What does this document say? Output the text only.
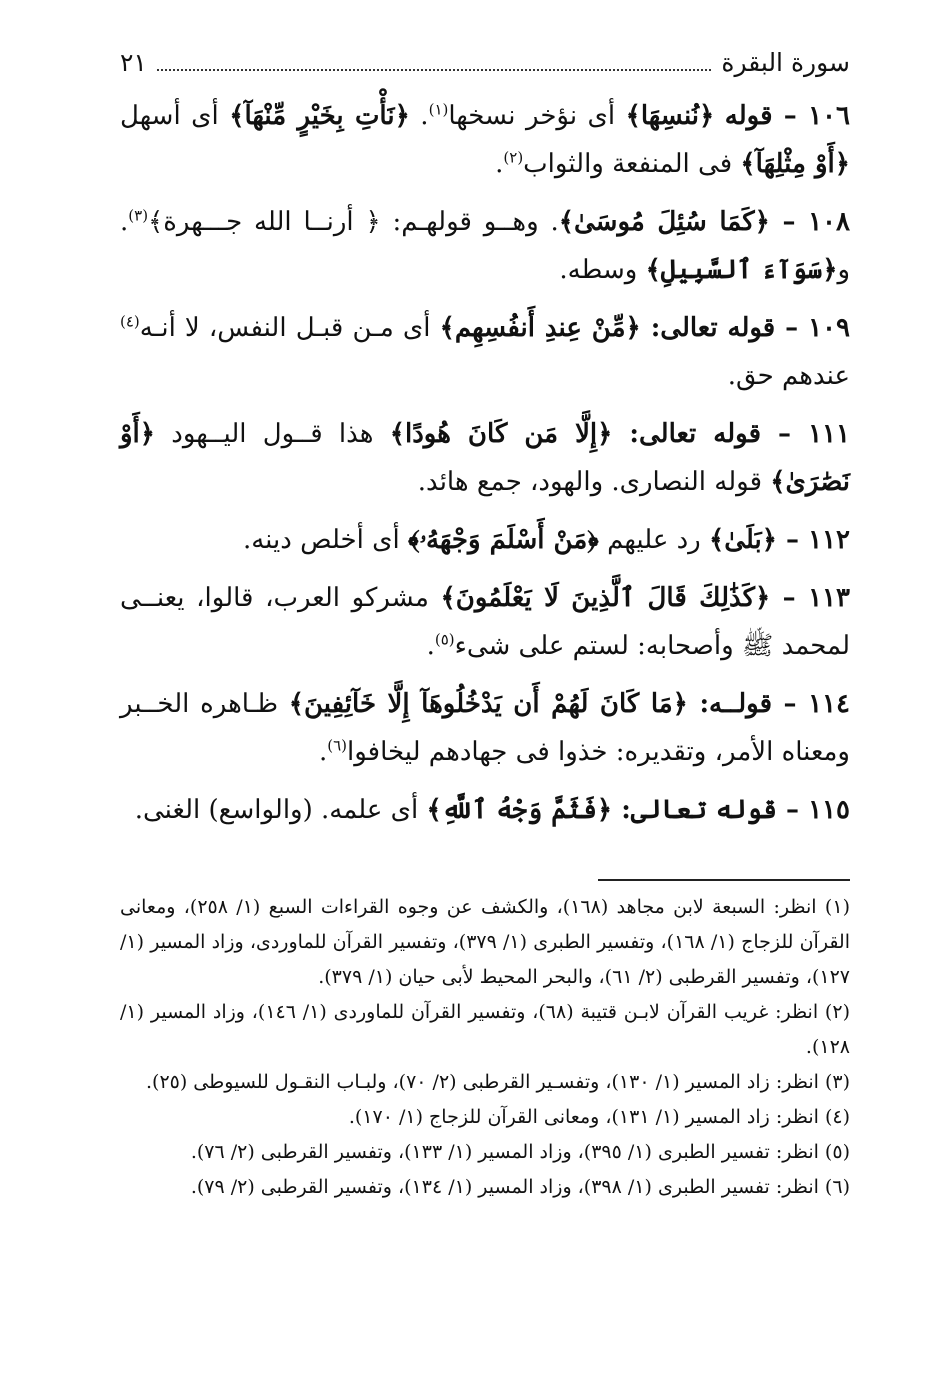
سورة البقرة
٢١

١٠٦ – قوله ﴿نُنسِهَا﴾ أى نؤخر نسخها$^{(١)}$. ﴿نَأْتِ بِخَيْرٍ مِّنْهَآ﴾ أى أسهل ﴿أَوْ مِثْلِهَآ﴾ فى المنفعة والثواب$^{(٢)}$.

١٠٨ – ﴿كَمَا سُئِلَ مُوسَىٰ﴾. وهــو قولهـم: ﴿ أرنــا الله جـــهرة﴾$^{(٣)}$. و﴿سَوَآءَ ٱلسَّبِيلِ﴾ وسطه.

١٠٩ – قوله تعالى: ﴿مِّنْ عِندِ أَنفُسِهِم﴾ أى مـن قبـل النفس، لا أنـه$^{(٤)}$ عندهم حق.

١١١ – قوله تعالى: ﴿إِلَّا مَن كَانَ هُودًا﴾ هذا قــول اليــهود ﴿أَوْ نَصَٰرَىٰ﴾ قوله النصارى. والهود، جمع هائد.

١١٢ – ﴿بَلَىٰ﴾ رد عليهم ﴿مَنْ أَسْلَمَ وَجْهَهُۥ﴾ أى أخلص دينه.

١١٣ – ﴿كَذَٰلِكَ قَالَ ٱلَّذِينَ لَا يَعْلَمُونَ﴾ مشركو العرب، قالوا، يعنــى لمحمد ﷺ وأصحابه: لستم على شىء$^{(٥)}$.

١١٤ – قولــه: ﴿مَا كَانَ لَهُمْ أَن يَدْخُلُوهَآ إِلَّا خَآئِفِينَ﴾ ظـاهره الخــبر ومعناه الأمر، وتقديره: خذوا فى جهادهم ليخافوا$^{(٦)}$.

١١٥ – قوله تعالى: ﴿فَثَمَّ وَجْهُ ٱللَّهِ﴾ أى علمه. (والواسع) الغنى.

(١) انظر: السبعة لابن مجاهد (١٦٨)، والكشف عن وجوه القراءات السبع (١/ ٢٥٨)، ومعانى القرآن للزجاج (١/ ١٦٨)، وتفسير الطبرى (١/ ٣٧٩)، وتفسير القرآن للماوردى، وزاد المسير (١/ ١٢٧)، وتفسير القرطبى (٢/ ٦١)، والبحر المحيط لأبى حيان (١/ ٣٧٩).

(٢) انظر: غريب القرآن لابـن قتيبة (٦٨)، وتفسير القرآن للماوردى (١/ ١٤٦)، وزاد المسير (١/ ١٢٨).

(٣) انظر: زاد المسير (١/ ١٣٠)، وتفسـير القرطبى (٢/ ٧٠)، ولبـاب النقـول للسيوطى (٢٥).

(٤) انظر: زاد المسير (١/ ١٣١)، ومعانى القرآن للزجاج (١/ ١٧٠).

(٥) انظر: تفسير الطبرى (١/ ٣٩٥)، وزاد المسير (١/ ١٣٣)، وتفسير القرطبى (٢/ ٧٦).

(٦) انظر: تفسير الطبرى (١/ ٣٩٨)، وزاد المسير (١/ ١٣٤)، وتفسير القرطبى (٢/ ٧٩).
